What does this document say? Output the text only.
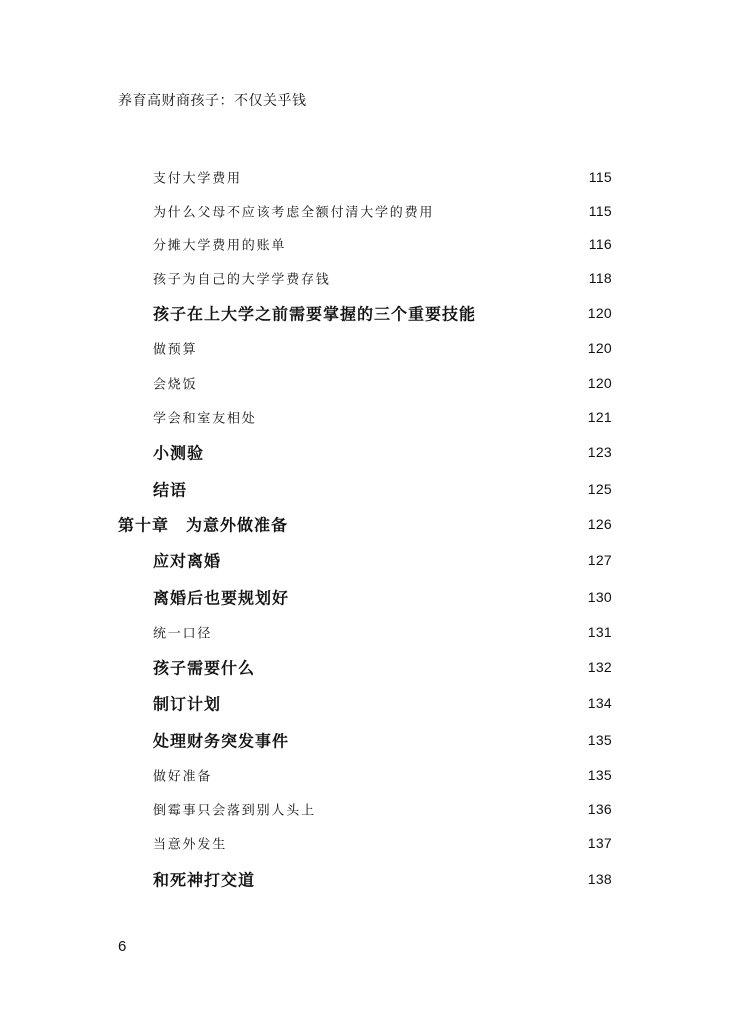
养育高财商孩子：不仅关乎钱
支付大学费用	115
为什么父母不应该考虑全额付清大学的费用	115
分摊大学费用的账单	116
孩子为自己的大学学费存钱	118
孩子在上大学之前需要掌握的三个重要技能	120
做预算	120
会烧饭	120
学会和室友相处	121
小测验	123
结语	125
第十章　为意外做准备	126
应对离婚	127
离婚后也要规划好	130
统一口径	131
孩子需要什么	132
制订计划	134
处理财务突发事件	135
做好准备	135
倒霉事只会落到别人头上	136
当意外发生	137
和死神打交道	138
6
